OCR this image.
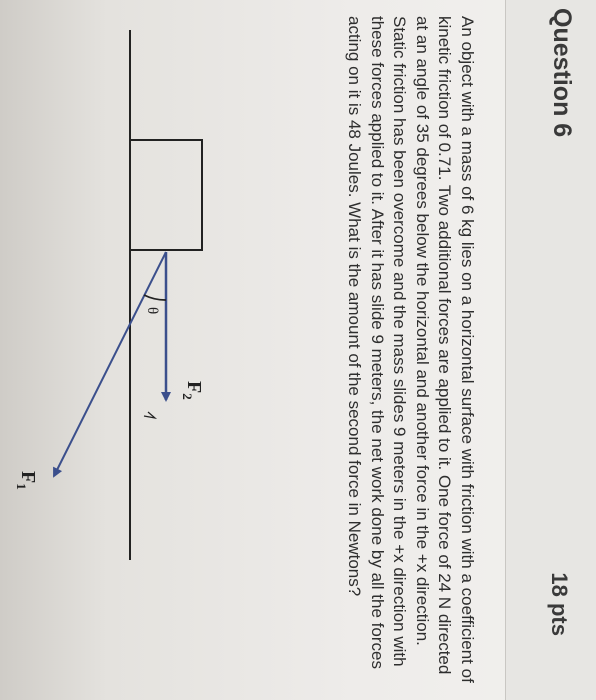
Question 6
18 pts
An object with a mass of 6 kg lies on a horizontal surface with friction with a coefficient of kinetic friction of 0.71. Two additional forces are applied to it. One force of 24 N directed at an angle of 35 degrees below the horizontal and another force in the +x direction. Static friction has been overcome and the mass slides 9 meters in the +x direction with these forces applied to it. After it has slide 9 meters, the net work done by all the forces acting on it is 48 Joules. What is the amount of the second force in Newtons?
θ
$F_2$
$F_1$
